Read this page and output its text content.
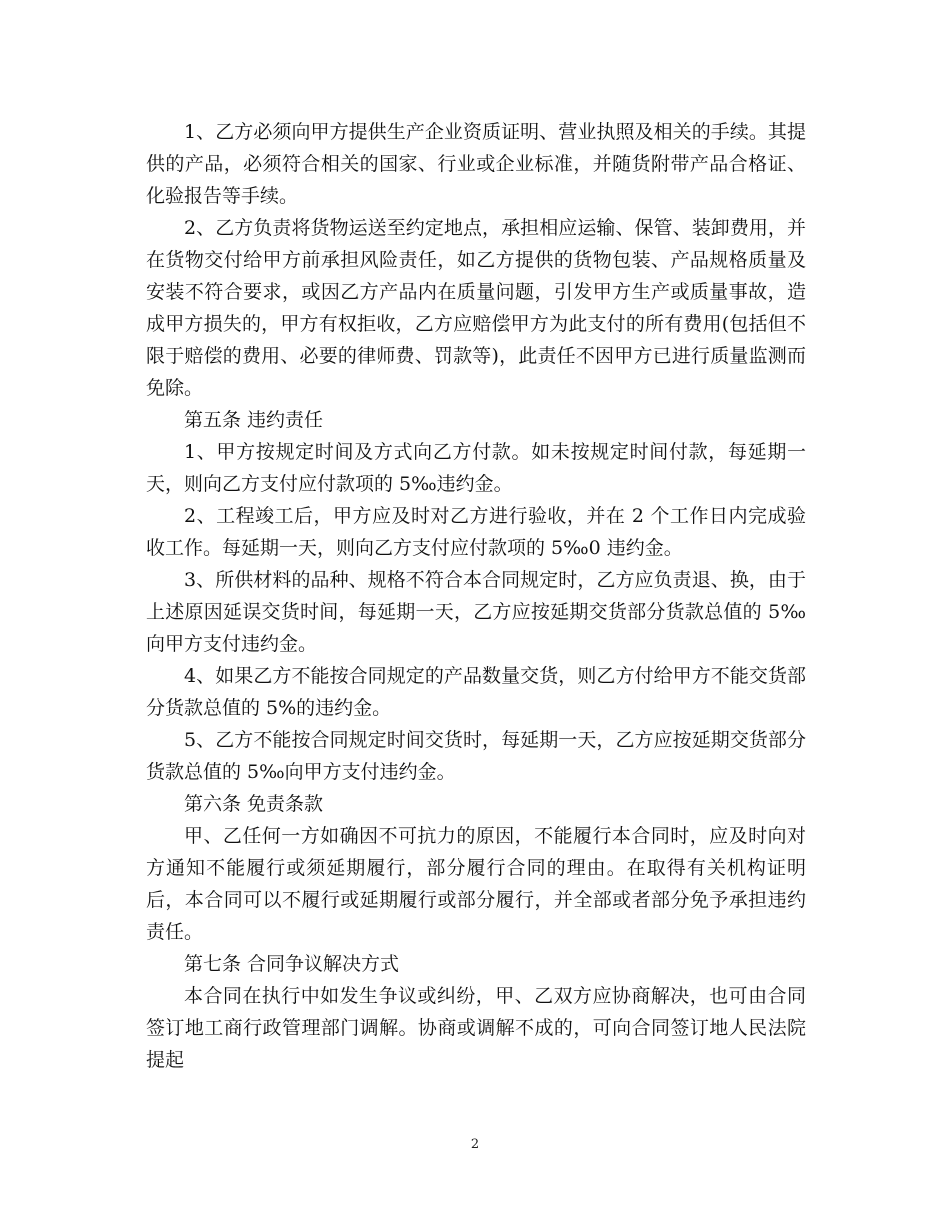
1、乙方必须向甲方提供生产企业资质证明、营业执照及相关的手续。其提供的产品，必须符合相关的国家、行业或企业标准，并随货附带产品合格证、化验报告等手续。

2、乙方负责将货物运送至约定地点，承担相应运输、保管、装卸费用，并在货物交付给甲方前承担风险责任，如乙方提供的货物包装、产品规格质量及安装不符合要求，或因乙方产品内在质量问题，引发甲方生产或质量事故，造成甲方损失的，甲方有权拒收，乙方应赔偿甲方为此支付的所有费用(包括但不限于赔偿的费用、必要的律师费、罚款等)，此责任不因甲方已进行质量监测而免除。

第五条 违约责任

1、甲方按规定时间及方式向乙方付款。如未按规定时间付款，每延期一天，则向乙方支付应付款项的 5‰违约金。

2、工程竣工后，甲方应及时对乙方进行验收，并在 2 个工作日内完成验收工作。每延期一天，则向乙方支付应付款项的 5‰0 违约金。

3、所供材料的品种、规格不符合本合同规定时，乙方应负责退、换，由于上述原因延误交货时间，每延期一天，乙方应按延期交货部分货款总值的 5‰向甲方支付违约金。

4、如果乙方不能按合同规定的产品数量交货，则乙方付给甲方不能交货部分货款总值的 5%的违约金。

5、乙方不能按合同规定时间交货时，每延期一天，乙方应按延期交货部分货款总值的 5‰向甲方支付违约金。

第六条 免责条款

甲、乙任何一方如确因不可抗力的原因，不能履行本合同时，应及时向对方通知不能履行或须延期履行，部分履行合同的理由。在取得有关机构证明后，本合同可以不履行或延期履行或部分履行，并全部或者部分免予承担违约责任。

第七条 合同争议解决方式

本合同在执行中如发生争议或纠纷，甲、乙双方应协商解决，也可由合同签订地工商行政管理部门调解。协商或调解不成的，可向合同签订地人民法院提起

2
